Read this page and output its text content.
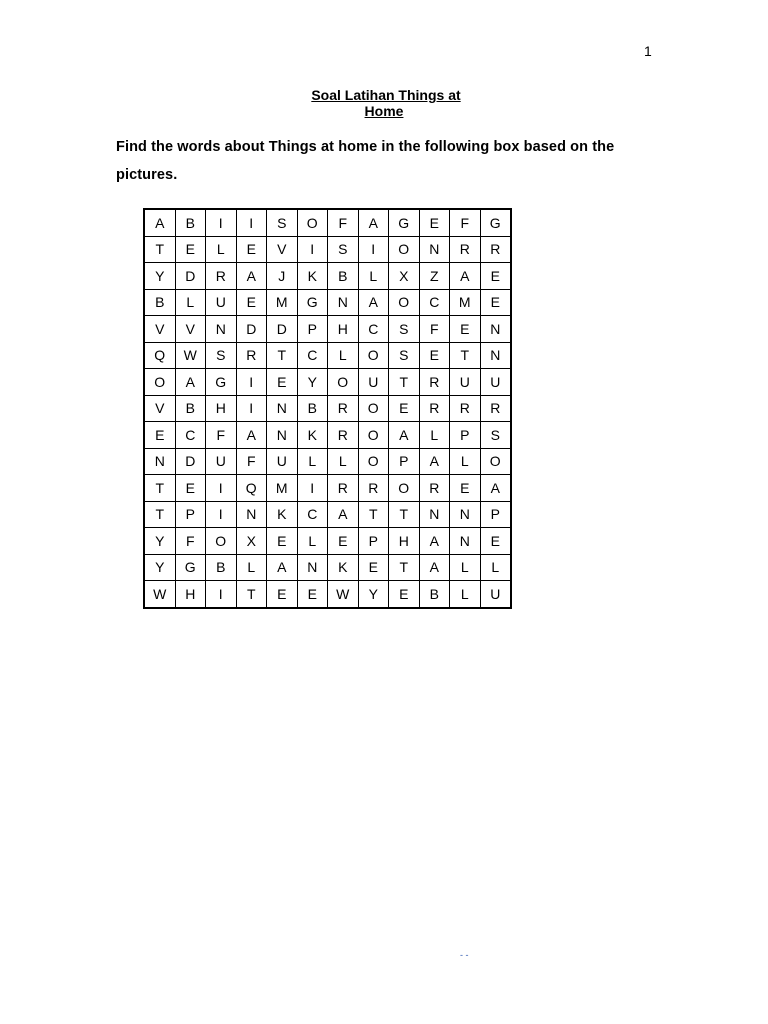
1
Soal Latihan Things at
Home
Find the words about Things at home in the following box based on the pictures.
A	B	I	I	S	O	F	A	G	E	F	G
T	E	L	E	V	I	S	I	O	N	R	R
Y	D	R	A	J	K	B	L	X	Z	A	E
B	L	U	E	M	G	N	A	O	C	M	E
V	V	N	D	D	P	H	C	S	F	E	N
Q	W	S	R	T	C	L	O	S	E	T	N
O	A	G	I	E	Y	O	U	T	R	U	U
V	B	H	I	N	B	R	O	E	R	R	R
E	C	F	A	N	K	R	O	A	L	P	S
N	D	U	F	U	L	L	O	P	A	L	O
T	E	I	Q	M	I	R	R	O	R	E	A
T	P	I	N	K	C	A	T	T	N	N	P
Y	F	O	X	E	L	E	P	H	A	N	E
Y	G	B	L	A	N	K	E	T	A	L	L
W	H	I	T	E	E	W	Y	E	B	L	U
- -
